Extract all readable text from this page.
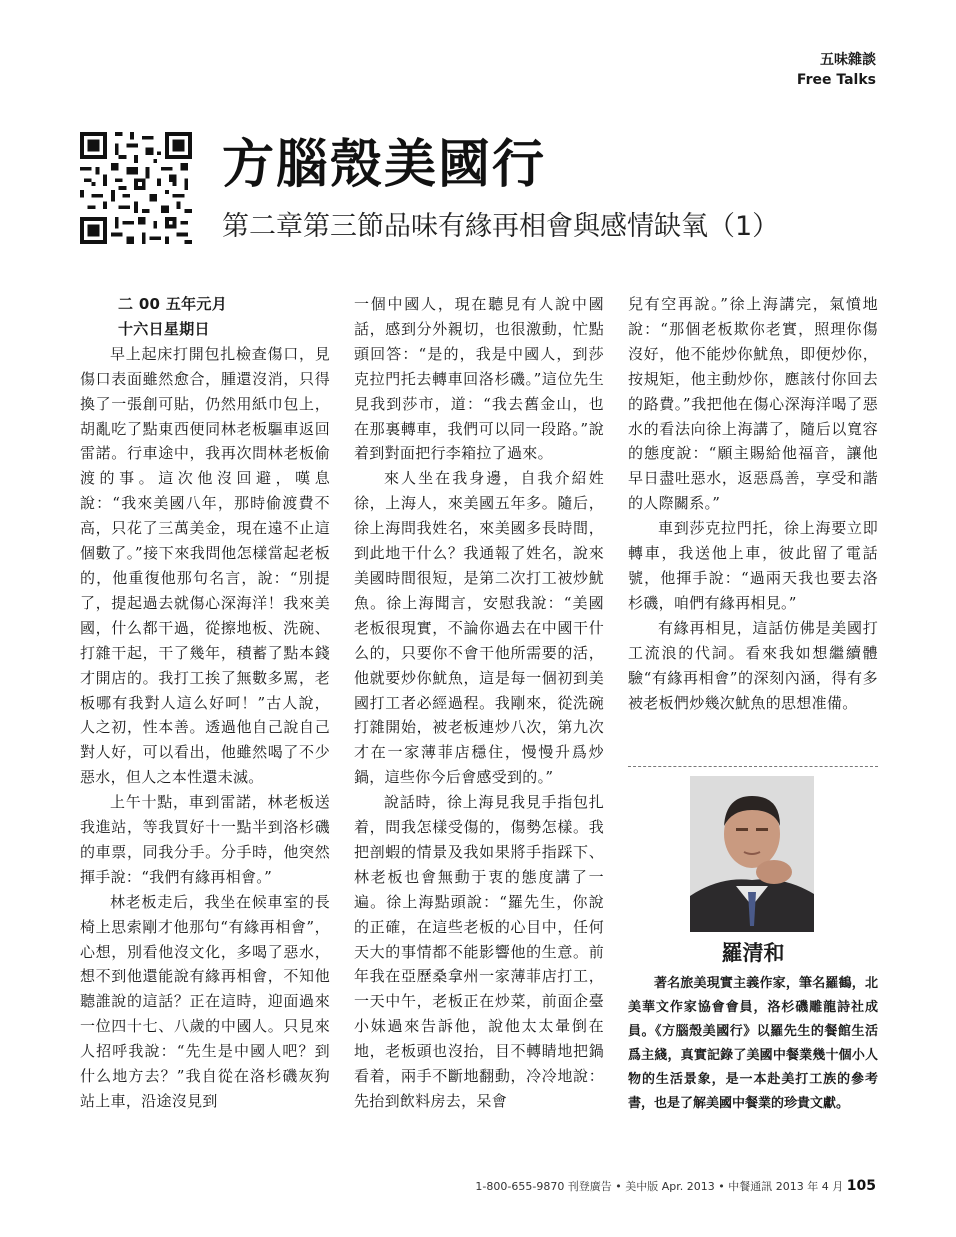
五味雜談
Free Talks
方腦殼美國行
第二章第三節品味有緣再相會與感情缺氧（1）
二 00 五年元月
十六日星期日

早上起床打開包扎檢查傷口，見傷口表面雖然愈合，腫還沒消，只得換了一張創可貼，仍然用紙巾包上，胡亂吃了點東西便同林老板驅車返回雷諾。行車途中，我再次問林老板偷渡的事。這次他沒回避，嘆息說：“我來美國八年，那時偷渡費不高，只花了三萬美金，現在遠不止這個數了。”接下來我問他怎樣當起老板的，他重復他那句名言，說：“別提了，提起過去就傷心深海洋！我來美國，什么都干過，從擦地板、洗碗、打雜干起，干了幾年，積蓄了點本錢才開店的。我打工挨了無數多罵，老板哪有我對人這么好呵！”古人說，人之初，性本善。透過他自己說自己對人好，可以看出，他雖然喝了不少惡水，但人之本性還未滅。

上午十點，車到雷諾，林老板送我進站，等我買好十一點半到洛杉磯的車票，同我分手。分手時，他突然揮手說：“我們有緣再相會。”

林老板走后，我坐在候車室的長椅上思索剛才他那句“有緣再相會”，心想，別看他沒文化，多喝了惡水，想不到他還能說有緣再相會，不知他聽誰說的這話？正在這時，迎面過來一位四十七、八歲的中國人。只見來人招呼我說：“先生是中國人吧？到什么地方去？”我自從在洛杉磯灰狗站上車，沿途沒見到

一個中國人，現在聽見有人說中國話，感到分外親切，也很激動，忙點頭回答：“是的，我是中國人，到莎克拉門托去轉車回洛杉磯。”這位先生見我到莎市，道：“我去舊金山，也在那裏轉車，我們可以同一段路。”說着到對面把行李箱拉了過來。

來人坐在我身邊，自我介紹姓徐，上海人，來美國五年多。隨后，徐上海問我姓名，來美國多長時間，到此地干什么？我通報了姓名，說來美國時間很短，是第二次打工被炒魷魚。徐上海聞言，安慰我說：“美國老板很現實，不論你過去在中國干什么的，只要你不會干他所需要的活，他就要炒你魷魚，這是每一個初到美國打工者必經過程。我剛來，從洗碗打雜開始，被老板連炒八次，第九次才在一家薄菲店穩住，慢慢升爲炒鍋，這些你今后會感受到的。”

說話時，徐上海見我見手指包扎着，問我怎樣受傷的，傷勢怎樣。我把剖蝦的情景及我如果將手指踩下、林老板也會無動于衷的態度講了一遍。徐上海點頭說：“羅先生，你說的正確，在這些老板的心目中，任何天大的事情都不能影響他的生意。前年我在亞歷桑拿州一家薄菲店打工，一天中午，老板正在炒菜，前面企臺小妹過來告訴他，說他太太暈倒在地，老板頭也沒抬，目不轉睛地把鍋看着，兩手不斷地翻動，冷冷地說：先抬到飲料房去，呆會

兒有空再說。”徐上海講完，氣憤地說：“那個老板欺你老實，照理你傷沒好，他不能炒你魷魚，即便炒你，按規矩，他主動炒你，應該付你回去的路費。”我把他在傷心深海洋喝了惡水的看法向徐上海講了，隨后以寬容的態度說：“願主賜給他福音，讓他早日盡吐惡水，返惡爲善，享受和諧的人際關系。”

車到莎克拉門托，徐上海要立即轉車，我送他上車，彼此留了電話號，他揮手說：“過兩天我也要去洛杉磯，咱們有緣再相見。”

有緣再相見，這話仿佛是美國打工流浪的代詞。看來我如想繼續體驗“有緣再相會”的深刻內涵，得有多被老板們炒幾次魷魚的思想准備。

羅清和
著名旅美現實主義作家，筆名羅鶴，北美華文作家協會會員，洛杉磯雕龍詩社成員。《方腦殼美國行》以羅先生的餐館生活爲主綫，真實記錄了美國中餐業幾十個小人物的生活景象，是一本赴美打工族的參考書，也是了解美國中餐業的珍貴文獻。
1-800-655-9870 刊登廣告 • 美中版 Apr. 2013 • 中餐通訊 2013 年 4 月 105
